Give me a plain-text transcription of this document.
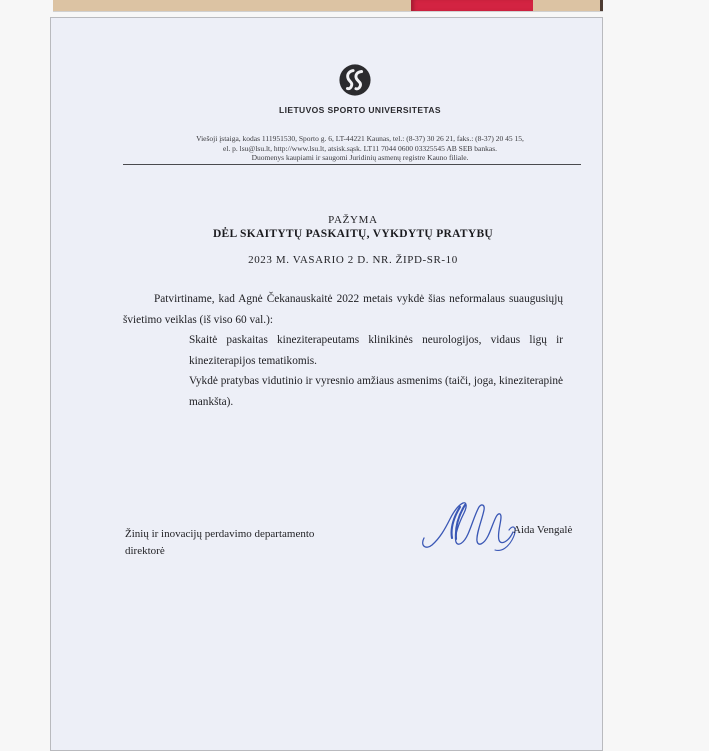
LIETUVOS SPORTO UNIVERSITETAS
Viešoji įstaiga, kodas 111951530, Sporto g. 6, LT-44221 Kaunas, tel.: (8-37) 30 26 21, faks.: (8-37) 20 45 15,
el. p. lsu@lsu.lt, http://www.lsu.lt, atsisk.sąsk. LT11 7044 0600 03325545 AB SEB bankas.
Duomenys kaupiami ir saugomi Juridinių asmenų registre Kauno filiale.
PAŽYMA
DĖL SKAITYTŲ PASKAITŲ, VYKDYTŲ PRATYBŲ
2023 M. VASARIO 2 D. NR. ŽIPD-SR-10

Patvirtiname, kad Agnė Čekanauskaitė 2022 metais vykdė šias neformalaus suaugusiųjų švietimo veiklas (iš viso 60 val.):

Skaitė paskaitas kineziterapeutams klinikinės neurologijos, vidaus ligų ir kineziterapijos tematikomis.

Vykdė pratybas vidutinio ir vyresnio amžiaus asmenims (taiči, joga, kineziterapinė mankšta).

Žinių ir inovacijų perdavimo departamento
direktorė
Aida Vengalė
